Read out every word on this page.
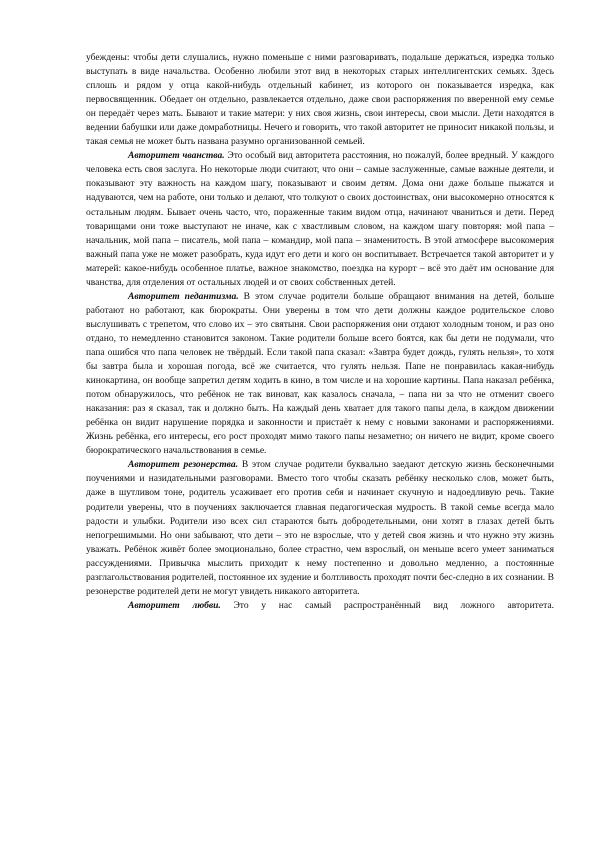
убеждены: чтобы дети слушались, нужно поменьше с ними разговаривать, подальше держаться, изредка только выступать в виде начальства. Особенно любили этот вид в некоторых старых интеллигентских семьях. Здесь сплошь и рядом у отца какой-нибудь отдельный кабинет, из которого он показывается изредка, как первосвященник. Обедает он отдельно, развлекается отдельно, даже свои распоряжения по вверенной ему семье он передаёт через мать. Бывают и такие матери: у них своя жизнь, свои интересы, свои мысли. Дети находятся в ведении бабушки или даже домработницы. Нечего и говорить, что такой авторитет не приносит никакой пользы, и такая семья не может быть названа разумно организованной семьей.

Авторитет чванства. Это особый вид авторитета расстояния, но пожалуй, более вредный. У каждого человека есть своя заслуга. Но некоторые люди считают, что они – самые заслуженные, самые важные деятели, и показывают эту важность на каждом шагу, показывают и своим детям. Дома они даже больше пыжатся и надуваются, чем на работе, они только и делают, что толкуют о своих достоинствах, они высокомерно относятся к остальным людям. Бывает очень часто, что, пораженные таким видом отца, начинают чваниться и дети. Перед товарищами они тоже выступают не иначе, как с хвастливым словом, на каждом шагу повторяя: мой папа – начальник, мой папа – писатель, мой папа – командир, мой папа – знаменитость. В этой атмосфере высокомерия важный папа уже не может разобрать, куда идут его дети и кого он воспитывает. Встречается такой авторитет и у матерей: какое-нибудь особенное платье, важное знакомство, поездка на курорт – всё это даёт им основание для чванства, для отделения от остальных людей и от своих собственных детей.

Авторитет педантизма. В этом случае родители больше обращают внимания на детей, больше работают но работают, как бюрократы. Они уверены в том что дети должны каждое родительское слово выслушивать с трепетом, что слово их – это святыня. Свои распоряжения они отдают холодным тоном, и раз оно отдано, то немедленно становится законом. Такие родители больше всего боятся, как бы дети не подумали, что папа ошибся что папа человек не твёрдый. Если такой папа сказал: «Завтра будет дождь, гулять нельзя», то хотя бы завтра была и хорошая погода, всё же считается, что гулять нельзя. Папе не понравилась какая-нибудь кинокартина, он вообще запретил детям ходить в кино, в том числе и на хорошие картины. Папа наказал ребёнка, потом обнаружилось, что ребёнок не так виноват, как казалось сначала, – папа ни за что не отменит своего наказания: раз я сказал, так и должно быть. На каждый день хватает для такого папы дела, в каждом движении ребёнка он видит нарушение порядка и законности и пристаёт к нему с новыми законами и распоряжениями. Жизнь ребёнка, его интересы, его рост проходят мимо такого папы незаметно; он ничего не видит, кроме своего бюрократического начальствования в семье.

Авторитет резонерства. В этом случае родители буквально заедают детскую жизнь бесконечными поучениями и назидательными разговорами. Вместо того чтобы сказать ребёнку несколько слов, может быть, даже в шутливом тоне, родитель усаживает его против себя и начинает скучную и надоедливую речь. Такие родители уверены, что в поучениях заключается главная педагогическая мудрость. В такой семье всегда мало радости и улыбки. Родители изо всех сил стараются быть добродетельными, они хотят в глазах детей быть непогрешимыми. Но они забывают, что дети – это не взрослые, что у детей своя жизнь и что нужно эту жизнь уважать. Ребёнок живёт более эмоционально, более страстно, чем взрослый, он меньше всего умеет заниматься рассуждениями. Привычка мыслить приходит к нему постепенно и довольно медленно, а постоянные разглагольствования родителей, постоянное их зудение и болтливость проходят почти бес-следно в их сознании. В резонерстве родителей дети не могут увидеть никакого авторитета.

Авторитет любви. Это у нас самый распространённый вид ложного авторитета.
